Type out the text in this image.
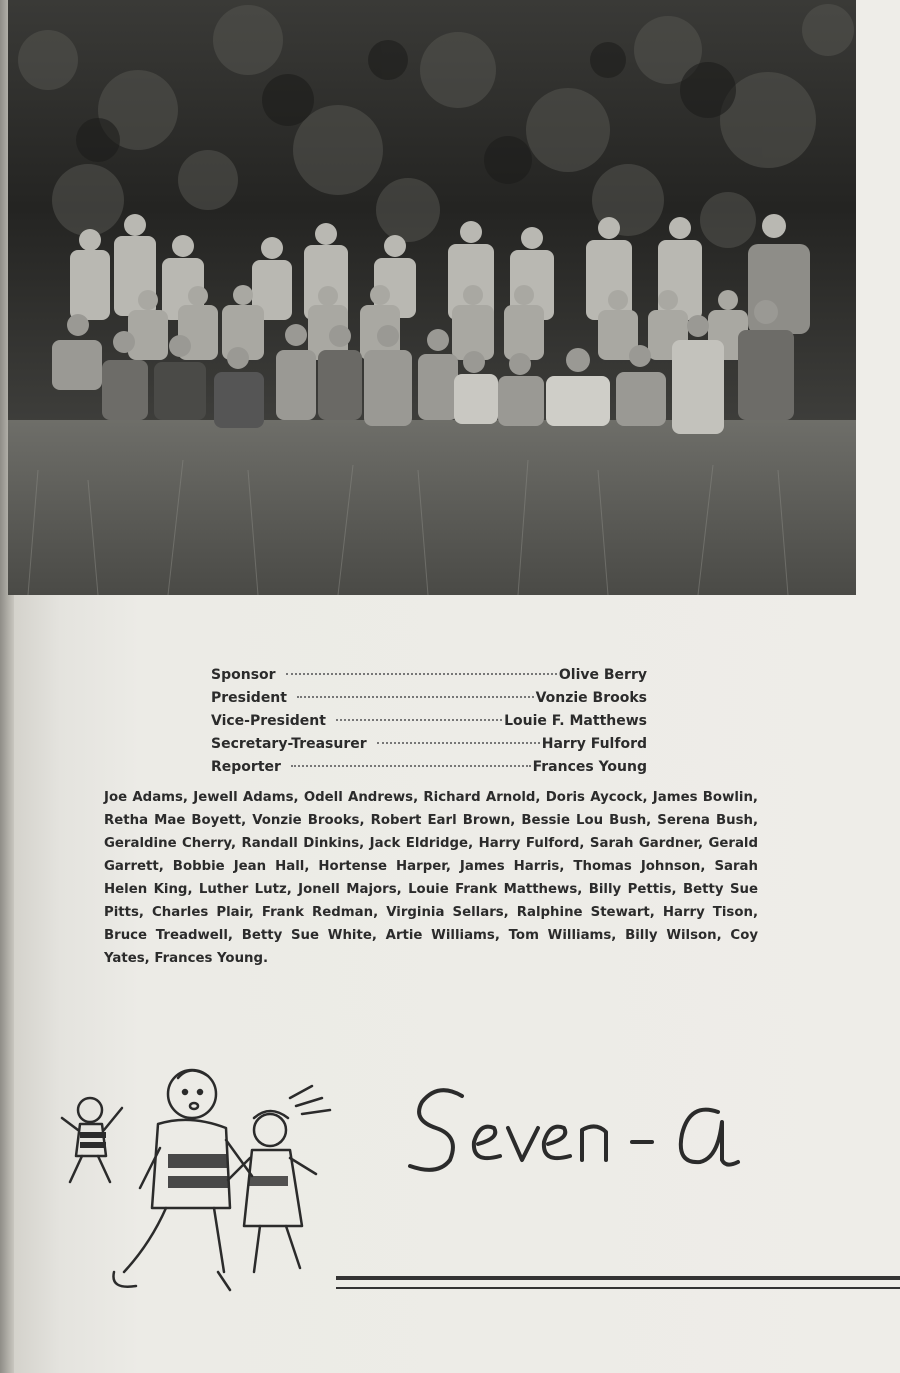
Sponsor	Olive Berry
President	Vonzie Brooks
Vice-President	Louie F. Matthews
Secretary-Treasurer	Harry Fulford
Reporter	Frances Young
Joe Adams, Jewell Adams, Odell Andrews, Richard Arnold, Doris Aycock, James Bowlin, Retha Mae Boyett, Vonzie Brooks, Robert Earl Brown, Bessie Lou Bush, Serena Bush, Geraldine Cherry, Randall Dinkins, Jack Eldridge, Harry Fulford, Sarah Gardner, Gerald Garrett, Bobbie Jean Hall, Hortense Harper, James Harris, Thomas Johnson, Sarah Helen King, Luther Lutz, Jonell Majors, Louie Frank Matthews, Billy Pettis, Betty Sue Pitts, Charles Plair, Frank Redman, Virginia Sellars, Ralphine Stewart, Harry Tison, Bruce Treadwell, Betty Sue White, Artie Williams, Tom Williams, Billy Wilson, Coy Yates, Frances Young.
